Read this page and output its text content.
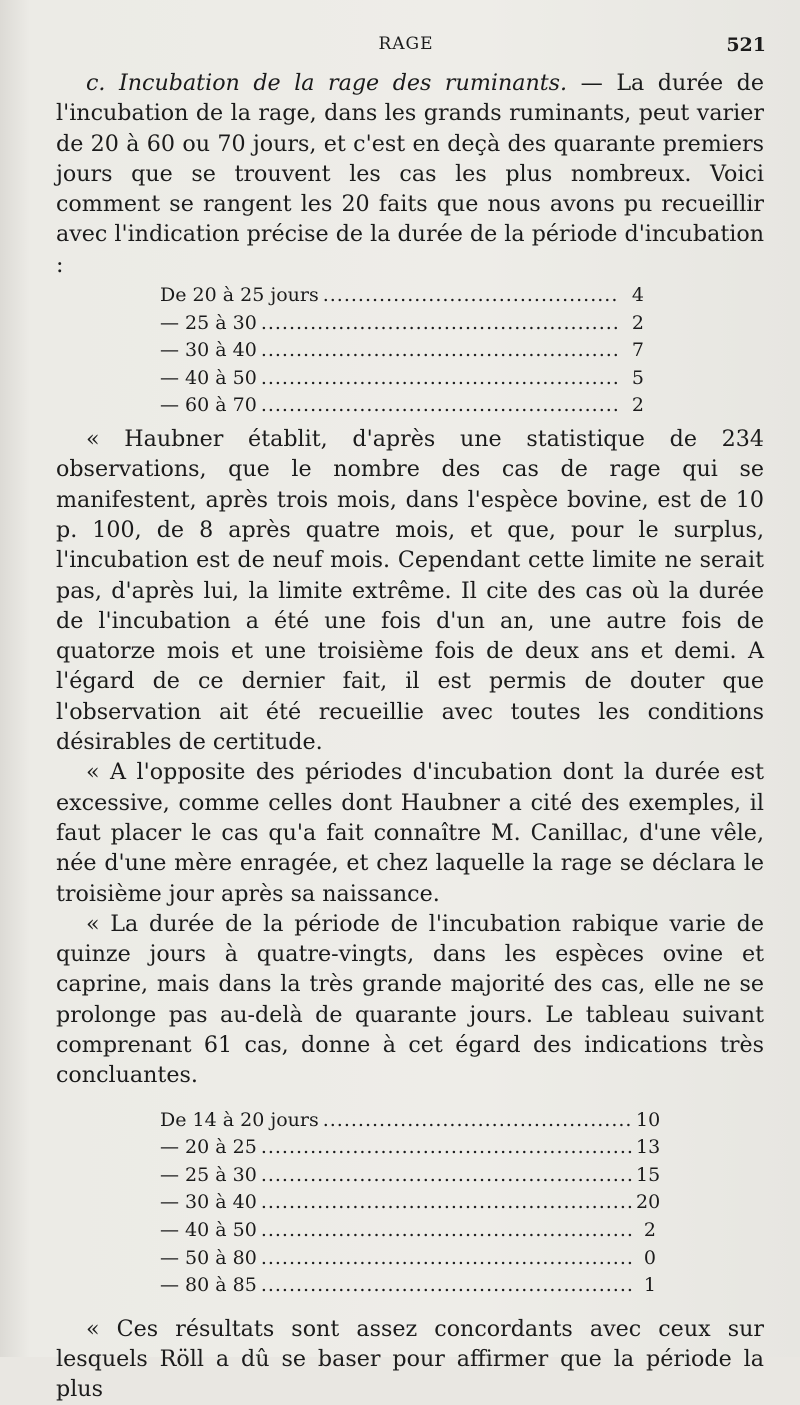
RAGE	521

c. Incubation de la rage des ruminants. — La durée de l'incubation de la rage, dans les grands ruminants, peut varier de 20 à 60 ou 70 jours, et c'est en deçà des quarante premiers jours que se trouvent les cas les plus nombreux. Voici comment se rangent les 20 faits que nous avons pu recueillir avec l'indication précise de la durée de la période d'incubation :

De 20 à 25 jours .....	4
— 25 à 30 .....	2
— 30 à 40 .....	7
— 40 à 50 .....	5
— 60 à 70 .....	2

« Haubner établit, d'après une statistique de 234 observations, que le nombre des cas de rage qui se manifestent, après trois mois, dans l'espèce bovine, est de 10 p. 100, de 8 après quatre mois, et que, pour le surplus, l'incubation est de neuf mois. Cependant cette limite ne serait pas, d'après lui, la limite extrême. Il cite des cas où la durée de l'incubation a été une fois d'un an, une autre fois de quatorze mois et une troisième fois de deux ans et demi. A l'égard de ce dernier fait, il est permis de douter que l'observation ait été recueillie avec toutes les conditions désirables de certitude.

« A l'opposite des périodes d'incubation dont la durée est excessive, comme celles dont Haubner a cité des exemples, il faut placer le cas qu'a fait connaître M. Canillac, d'une vêle, née d'une mère enragée, et chez laquelle la rage se déclara le troisième jour après sa naissance.

« La durée de la période de l'incubation rabique varie de quinze jours à quatre-vingts, dans les espèces ovine et caprine, mais dans la très grande majorité des cas, elle ne se prolonge pas au-delà de quarante jours. Le tableau suivant comprenant 61 cas, donne à cet égard des indications très concluantes.

De 14 à 20 jours .....	10
— 20 à 25 .....	13
— 25 à 30 .....	15
— 30 à 40 .....	20
— 40 à 50 .....	2
— 50 à 80 .....	0
— 80 à 85 .....	1

« Ces résultats sont assez concordants avec ceux sur lesquels Röll a dû se baser pour affirmer que la période la plus
